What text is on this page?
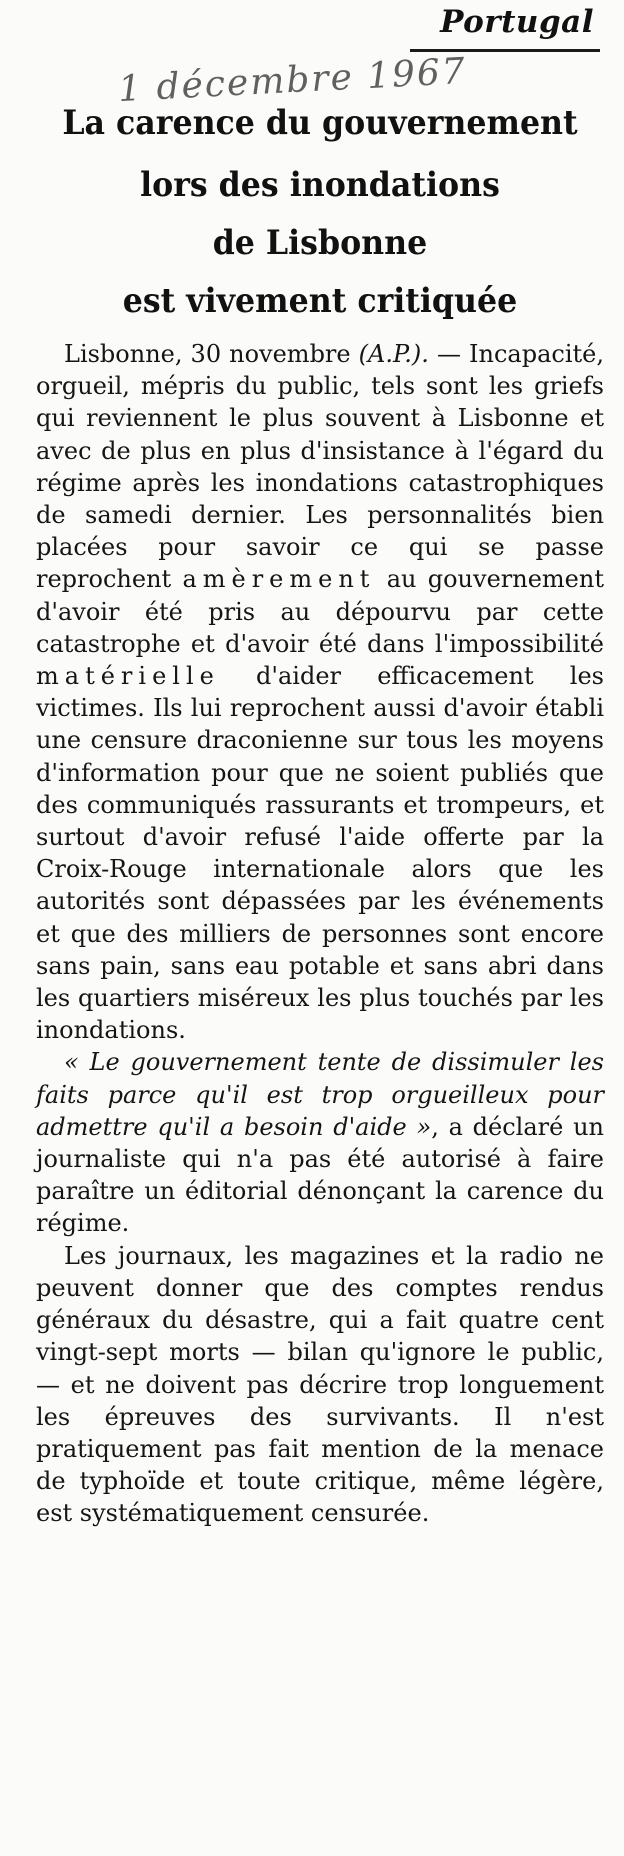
Portugal
1 décembre 1967
La carence du gouvernement
lors des inondations
de Lisbonne
est vivement critiquée

Lisbonne, 30 novembre (A.P.). — Incapacité, orgueil, mépris du public, tels sont les griefs qui reviennent le plus souvent à Lisbonne et avec de plus en plus d'insistance à l'égard du régime après les inondations catastrophiques de samedi dernier. Les personnalités bien placées pour savoir ce qui se passe reprochent amèrement au gouvernement d'avoir été pris au dépourvu par cette catastrophe et d'avoir été dans l'impossibilité matérielle d'aider efficacement les victimes. Ils lui reprochent aussi d'avoir établi une censure draconienne sur tous les moyens d'information pour que ne soient publiés que des communiqués rassurants et trompeurs, et surtout d'avoir refusé l'aide offerte par la Croix-Rouge internationale alors que les autorités sont dépassées par les événements et que des milliers de personnes sont encore sans pain, sans eau potable et sans abri dans les quartiers miséreux les plus touchés par les inondations.

« Le gouvernement tente de dissimuler les faits parce qu'il est trop orgueilleux pour admettre qu'il a besoin d'aide », a déclaré un journaliste qui n'a pas été autorisé à faire paraître un éditorial dénonçant la carence du régime.

Les journaux, les magazines et la radio ne peuvent donner que des comptes rendus généraux du désastre, qui a fait quatre cent vingt-sept morts — bilan qu'ignore le public, — et ne doivent pas décrire trop longuement les épreuves des survivants. Il n'est pratiquement pas fait mention de la menace de typhoïde et toute critique, même légère, est systématiquement censurée.
